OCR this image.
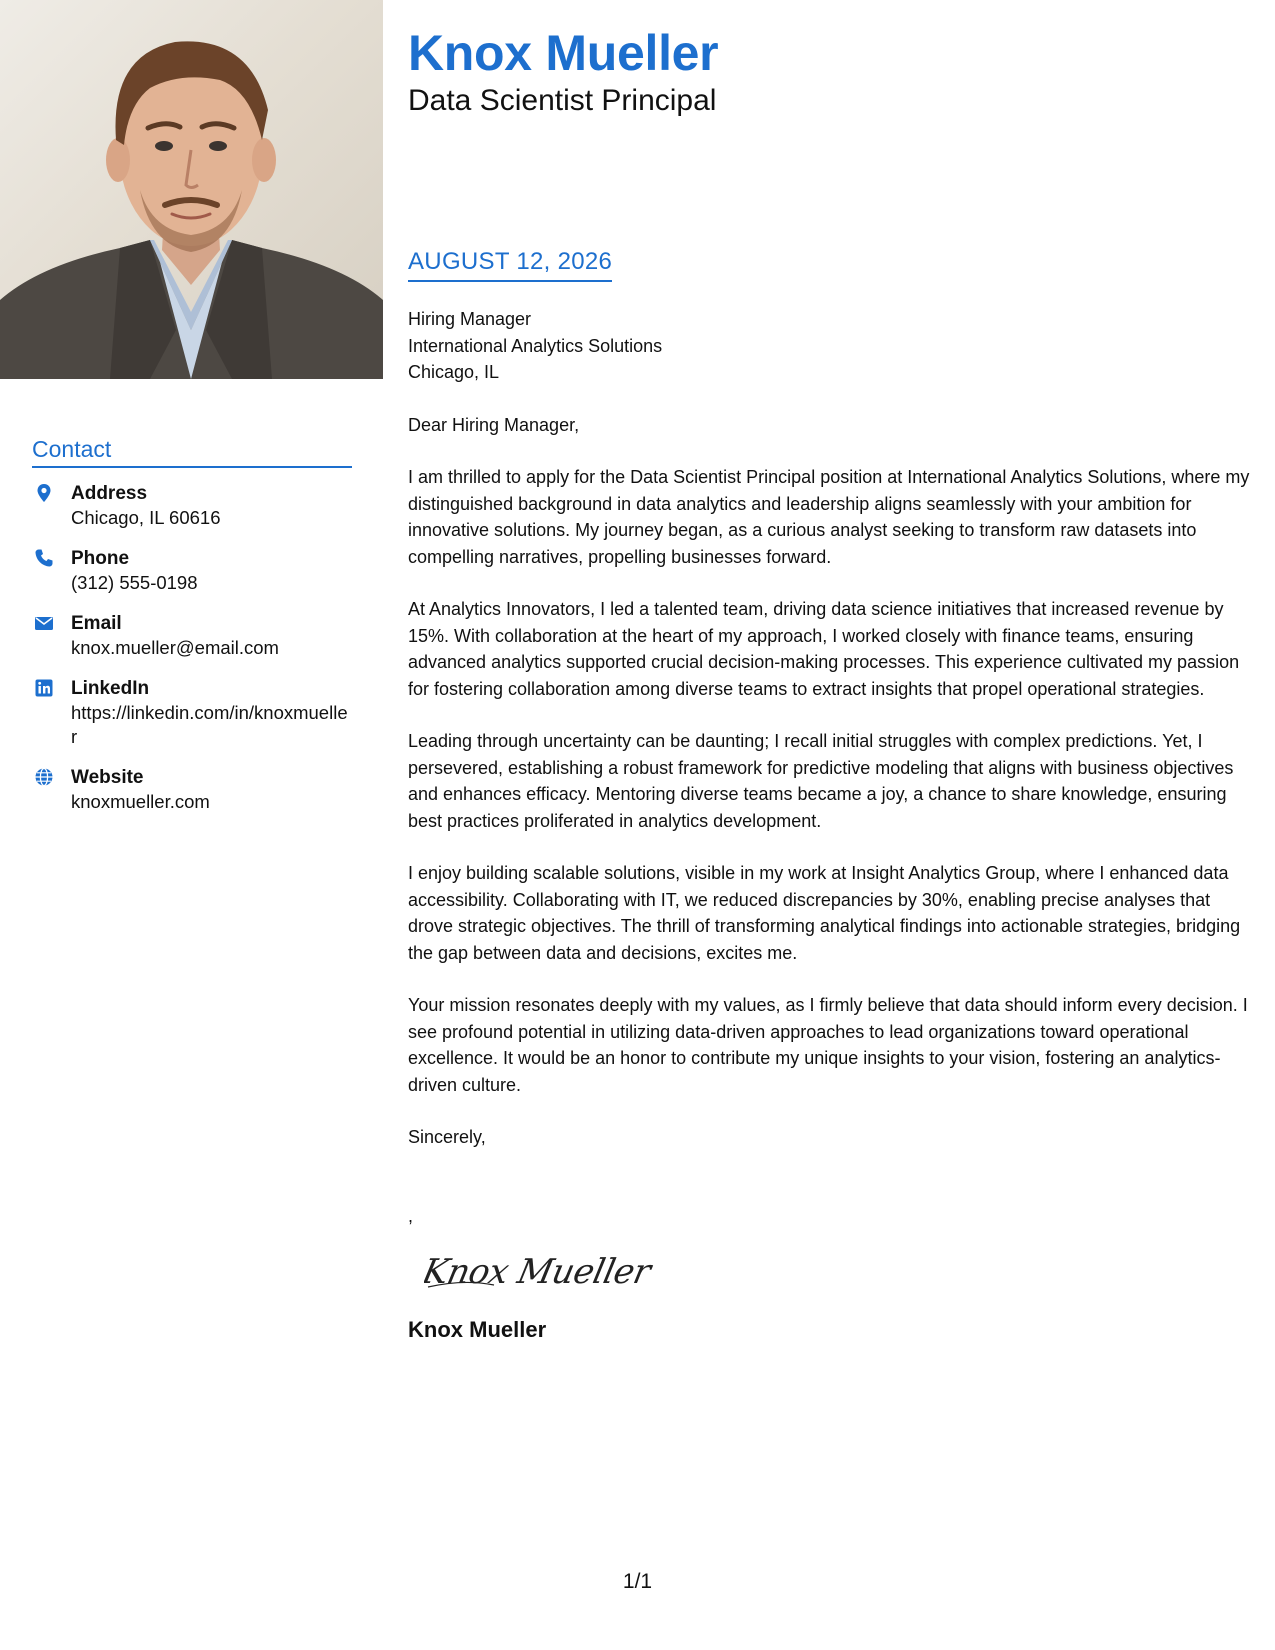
Knox Mueller
Data Scientist Principal
Contact
Address
Chicago, IL 60616
Phone
(312) 555-0198
Email
knox.mueller@email.com
LinkedIn
https://linkedin.com/in/knoxmueller
Website
knoxmueller.com
AUGUST 12, 2026
Hiring Manager
International Analytics Solutions
Chicago, IL
Dear Hiring Manager,

I am thrilled to apply for the Data Scientist Principal position at International Analytics Solutions, where my distinguished background in data analytics and leadership aligns seamlessly with your ambition for innovative solutions. My journey began, as a curious analyst seeking to transform raw datasets into compelling narratives, propelling businesses forward.

At Analytics Innovators, I led a talented team, driving data science initiatives that increased revenue by 15%. With collaboration at the heart of my approach, I worked closely with finance teams, ensuring advanced analytics supported crucial decision-making processes. This experience cultivated my passion for fostering collaboration among diverse teams to extract insights that propel operational strategies.

Leading through uncertainty can be daunting; I recall initial struggles with complex predictions. Yet, I persevered, establishing a robust framework for predictive modeling that aligns with business objectives and enhances efficacy. Mentoring diverse teams became a joy, a chance to share knowledge, ensuring best practices proliferated in analytics development.

I enjoy building scalable solutions, visible in my work at Insight Analytics Group, where I enhanced data accessibility. Collaborating with IT, we reduced discrepancies by 30%, enabling precise analyses that drove strategic objectives. The thrill of transforming analytical findings into actionable strategies, bridging the gap between data and decisions, excites me.

Your mission resonates deeply with my values, as I firmly believe that data should inform every decision. I see profound potential in utilizing data-driven approaches to lead organizations toward operational excellence. It would be an honor to contribute my unique insights to your vision, fostering an analytics-driven culture.

Sincerely,
,
Knox Mueller
Knox Mueller
1/1
